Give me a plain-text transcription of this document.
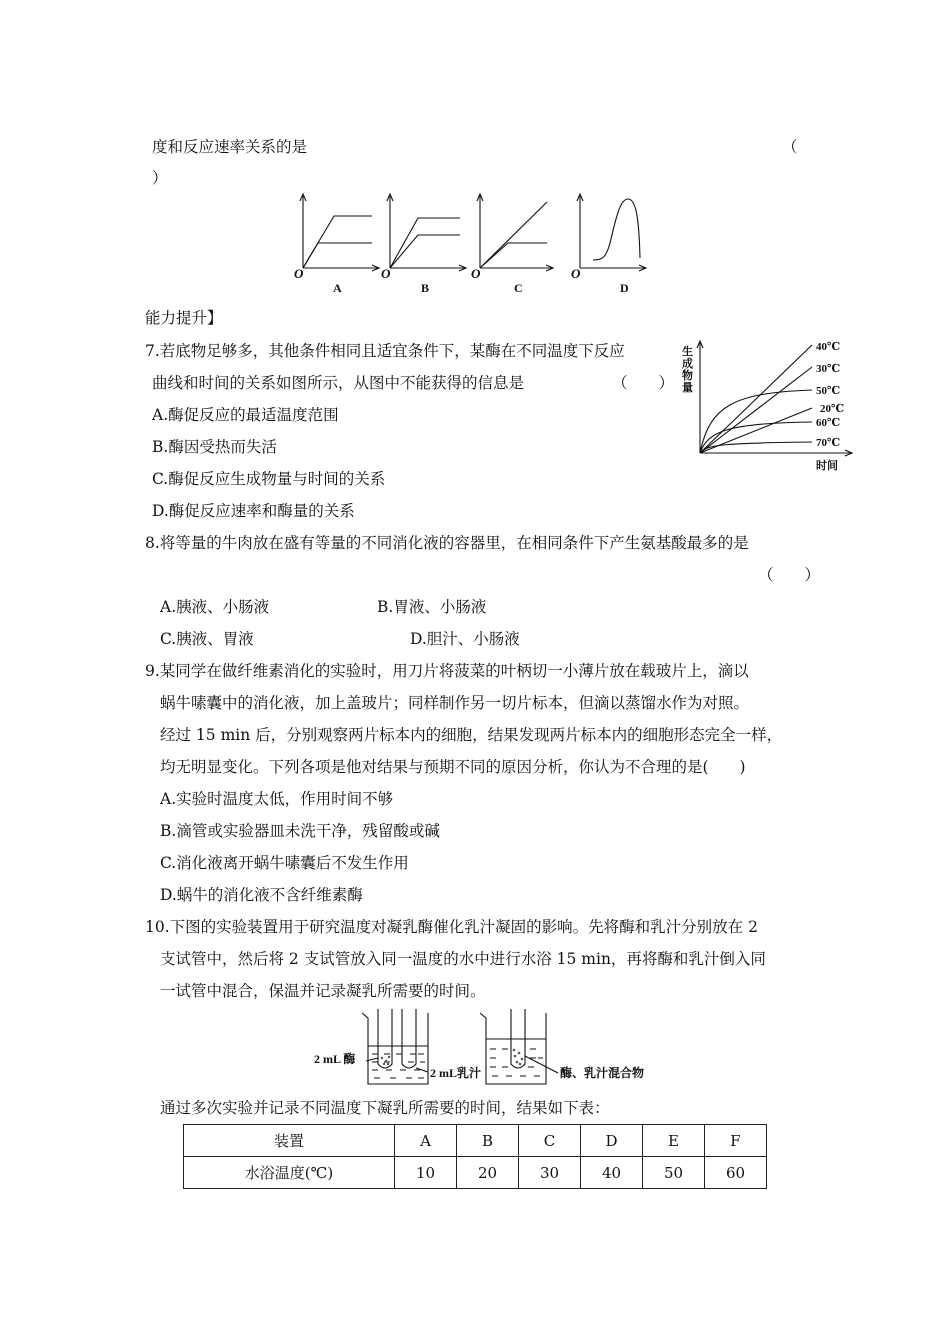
度和反应速率关系的是	（
）
O	O	O	O
A	B	C	D
能力提升】
7.若底物足够多，其他条件相同且适宜条件下，某酶在不同温度下反应
曲线和时间的关系如图所示，从图中不能获得的信息是	（　　）
A.酶促反应的最适温度范围
B.酶因受热而失活
C.酶促反应生成物量与时间的关系
D.酶促反应速率和酶量的关系
生
成
物
量
40℃
30℃
50℃
20℃
60℃
70℃
时间
8.将等量的牛肉放在盛有等量的不同消化液的容器里，在相同条件下产生氨基酸最多的是
（　　）
A.胰液、小肠液	B.胃液、小肠液
C.胰液、胃液	D.胆汁、小肠液
9.某同学在做纤维素消化的实验时，用刀片将菠菜的叶柄切一小薄片放在载玻片上，滴以
蜗牛嗉囊中的消化液，加上盖玻片；同样制作另一切片标本，但滴以蒸馏水作为对照。
经过 15 min 后，分别观察两片标本内的细胞，结果发现两片标本内的细胞形态完全一样，
均无明显变化。下列各项是他对结果与预期不同的原因分析，你认为不合理的是(　　)
A.实验时温度太低，作用时间不够
B.滴管或实验器皿未洗干净，残留酸或碱
C.消化液离开蜗牛嗉囊后不发生作用
D.蜗牛的消化液不含纤维素酶
10.下图的实验装置用于研究温度对凝乳酶催化乳汁凝固的影响。先将酶和乳汁分别放在 2
支试管中，然后将 2 支试管放入同一温度的水中进行水浴 15 min，再将酶和乳汁倒入同
一试管中混合，保温并记录凝乳所需要的时间。
2 mL 酶
2 mL乳汁	酶、乳汁混合物
通过多次实验并记录不同温度下凝乳所需要的时间，结果如下表：
装置	A	B	C	D	E	F
水浴温度(℃)	10	20	30	40	50	60
